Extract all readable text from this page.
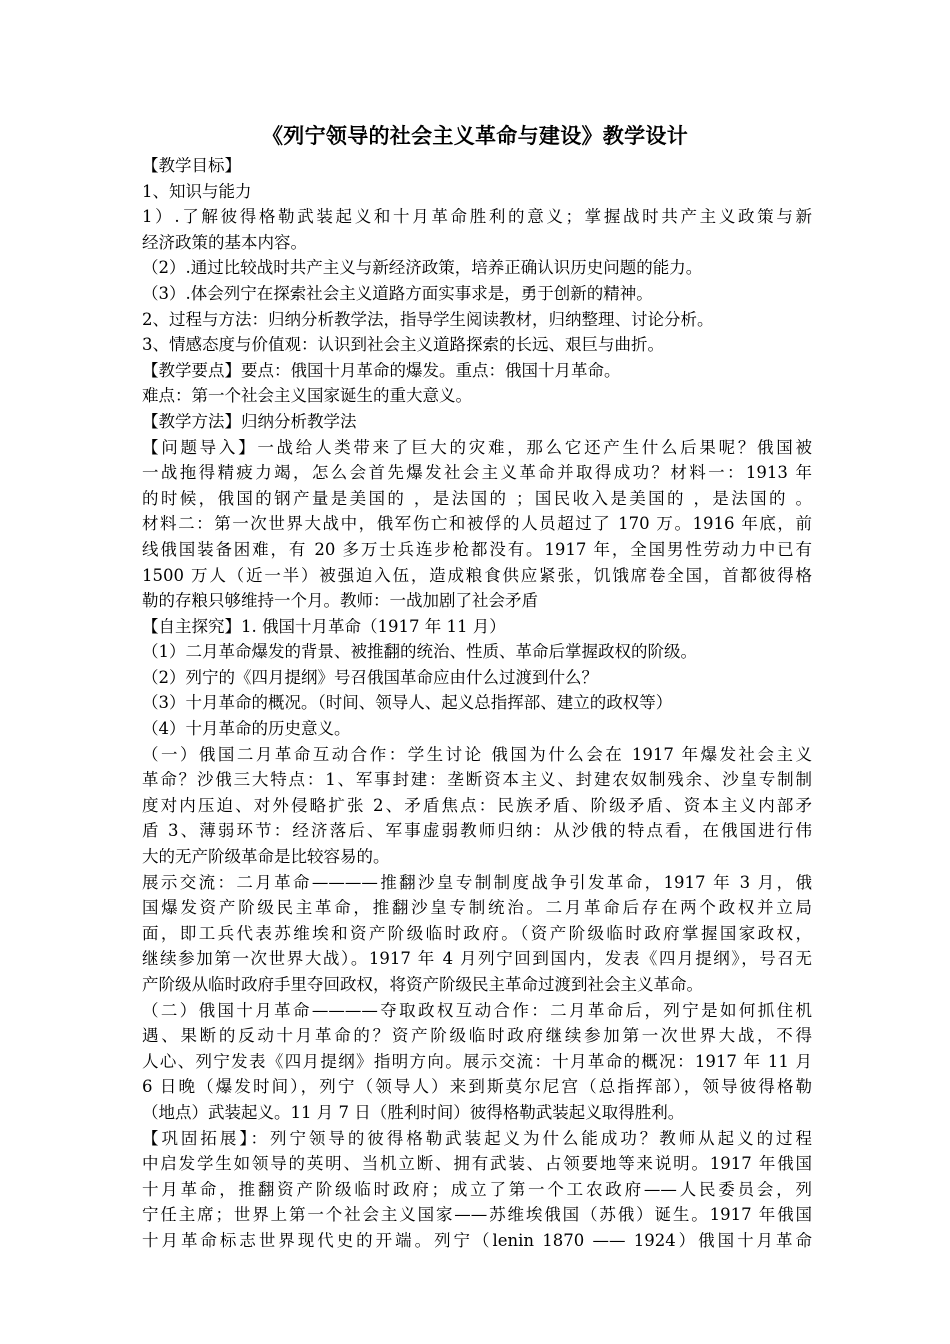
《列宁领导的社会主义革命与建设》教学设计
【教学目标】
1、知识与能力
1）.了解彼得格勒武装起义和十月革命胜利的意义；掌握战时共产主义政策与新
经济政策的基本内容。
（2）.通过比较战时共产主义与新经济政策，培养正确认识历史问题的能力。
（3）.体会列宁在探索社会主义道路方面实事求是，勇于创新的精神。
2、过程与方法：归纳分析教学法，指导学生阅读教材，归纳整理、讨论分析。
3、情感态度与价值观：认识到社会主义道路探索的长远、艰巨与曲折。
【教学要点】要点：俄国十月革命的爆发。重点：俄国十月革命。
难点：第一个社会主义国家诞生的重大意义。
【教学方法】归纳分析教学法
【问题导入】一战给人类带来了巨大的灾难，那么它还产生什么后果呢？俄国被
一战拖得精疲力竭，怎么会首先爆发社会主义革命并取得成功？材料一：1913 年
的时候，俄国的钢产量是美国的 ，是法国的 ；国民收入是美国的 ，是法国的 。
材料二：第一次世界大战中，俄军伤亡和被俘的人员超过了 170 万。1916 年底，前
线俄国装备困难，有 20 多万士兵连步枪都没有。1917 年，全国男性劳动力中已有
1500 万人（近一半）被强迫入伍，造成粮食供应紧张，饥饿席卷全国，首都彼得格
勒的存粮只够维持一个月。教师：一战加剧了社会矛盾
【自主探究】1. 俄国十月革命（1917 年 11 月）
（1）二月革命爆发的背景、被推翻的统治、性质、革命后掌握政权的阶级。
（2）列宁的《四月提纲》号召俄国革命应由什么过渡到什么？
（3）十月革命的概况。（时间、领导人、起义总指挥部、建立的政权等）
（4）十月革命的历史意义。
（一）俄国二月革命互动合作：学生讨论 俄国为什么会在 1917 年爆发社会主义
革命？沙俄三大特点：1、军事封建：垄断资本主义、封建农奴制残余、沙皇专制制
度对内压迫、对外侵略扩张 2、矛盾焦点：民族矛盾、阶级矛盾、资本主义内部矛
盾 3、薄弱环节：经济落后、军事虚弱教师归纳：从沙俄的特点看，在俄国进行伟
大的无产阶级革命是比较容易的。
展示交流：二月革命————推翻沙皇专制制度战争引发革命，1917 年 3 月，俄
国爆发资产阶级民主革命，推翻沙皇专制统治。二月革命后存在两个政权并立局
面，即工兵代表苏维埃和资产阶级临时政府。（资产阶级临时政府掌握国家政权，
继续参加第一次世界大战）。1917 年 4 月列宁回到国内，发表《四月提纲》，号召无
产阶级从临时政府手里夺回政权，将资产阶级民主革命过渡到社会主义革命。
（二）俄国十月革命————夺取政权互动合作：二月革命后，列宁是如何抓住机
遇、果断的反动十月革命的？资产阶级临时政府继续参加第一次世界大战，不得
人心、列宁发表《四月提纲》指明方向。展示交流：十月革命的概况：1917 年 11 月
6 日晚（爆发时间），列宁（领导人）来到斯莫尔尼宫（总指挥部），领导彼得格勒
（地点）武装起义。11 月 7 日（胜利时间）彼得格勒武装起义取得胜利。
【巩固拓展】：列宁领导的彼得格勒武装起义为什么能成功？教师从起义的过程
中启发学生如领导的英明、当机立断、拥有武装、占领要地等来说明。1917 年俄国
十月革命，推翻资产阶级临时政府；成立了第一个工农政府——人民委员会，列
宁任主席；世界上第一个社会主义国家——苏维埃俄国（苏俄）诞生。1917 年俄国
十月革命标志世界现代史的开端。列宁（lenin 1870 —— 1924）俄国十月革命
